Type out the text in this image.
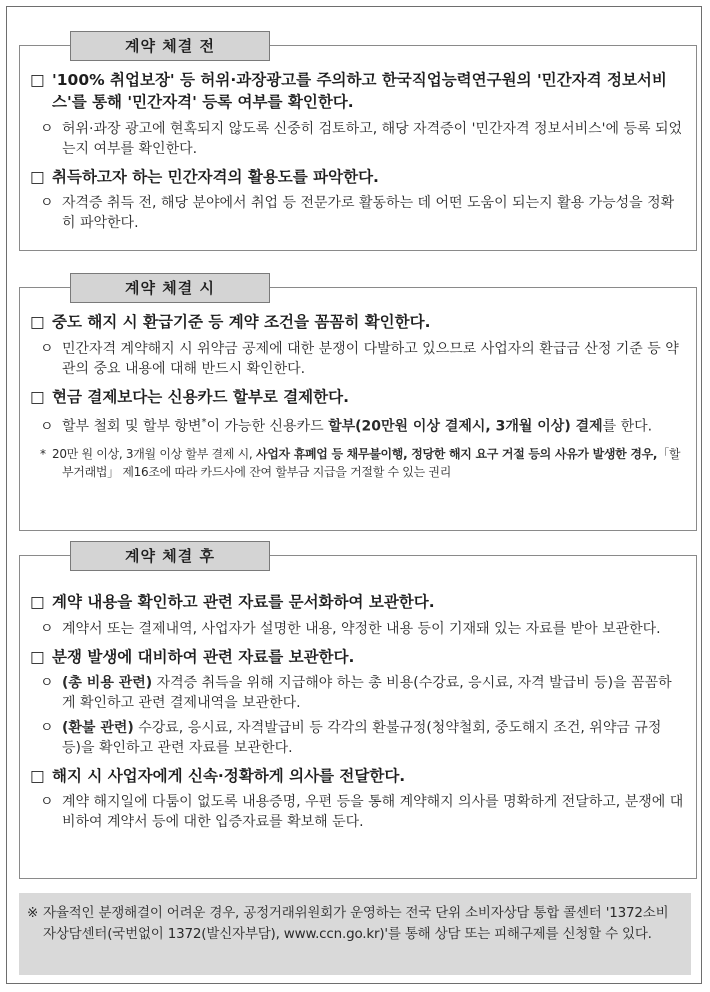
계약 체결 전

□ '100% 취업보장' 등 허위·과장광고를 주의하고 한국직업능력연구원의 '민간자격 정보서비스'를 통해 '민간자격' 등록 여부를 확인한다.

ㅇ 허위·과장 광고에 현혹되지 않도록 신중히 검토하고, 해당 자격증이 '민간자격 정보서비스'에 등록 되었는지 여부를 확인한다.

□ 취득하고자 하는 민간자격의 활용도를 파악한다.

ㅇ 자격증 취득 전, 해당 분야에서 취업 등 전문가로 활동하는 데 어떤 도움이 되는지 활용 가능성을 정확히 파악한다.

계약 체결 시

□ 중도 해지 시 환급기준 등 계약 조건을 꼼꼼히 확인한다.

ㅇ 민간자격 계약해지 시 위약금 공제에 대한 분쟁이 다발하고 있으므로 사업자의 환급금 산정 기준 등 약관의 중요 내용에 대해 반드시 확인한다.

□ 현금 결제보다는 신용카드 할부로 결제한다.

ㅇ 할부 철회 및 할부 항변*이 가능한 신용카드 할부(20만원 이상 결제시, 3개월 이상) 결제를 한다.

* 20만 원 이상, 3개월 이상 할부 결제 시, 사업자 휴폐업 등 채무불이행, 정당한 해지 요구 거절 등의 사유가 발생한 경우,「할부거래법」 제16조에 따라 카드사에 잔여 할부금 지급을 거절할 수 있는 권리

계약 체결 후

□ 계약 내용을 확인하고 관련 자료를 문서화하여 보관한다.

ㅇ 계약서 또는 결제내역, 사업자가 설명한 내용, 약정한 내용 등이 기재돼 있는 자료를 받아 보관한다.

□ 분쟁 발생에 대비하여 관련 자료를 보관한다.

ㅇ (총 비용 관련) 자격증 취득을 위해 지급해야 하는 총 비용(수강료, 응시료, 자격 발급비 등)을 꼼꼼하게 확인하고 관련 결제내역을 보관한다.

ㅇ (환불 관련) 수강료, 응시료, 자격발급비 등 각각의 환불규정(청약철회, 중도해지 조건, 위약금 규정 등)을 확인하고 관련 자료를 보관한다.

□ 해지 시 사업자에게 신속·정확하게 의사를 전달한다.

ㅇ 계약 해지일에 다툼이 없도록 내용증명, 우편 등을 통해 계약해지 의사를 명확하게 전달하고, 분쟁에 대비하여 계약서 등에 대한 입증자료를 확보해 둔다.

※ 자율적인 분쟁해결이 어려운 경우, 공정거래위원회가 운영하는 전국 단위 소비자상담 통합 콜센터 '1372소비자상담센터(국번없이 1372(발신자부담), www.ccn.go.kr)'를 통해 상담 또는 피해구제를 신청할 수 있다.
